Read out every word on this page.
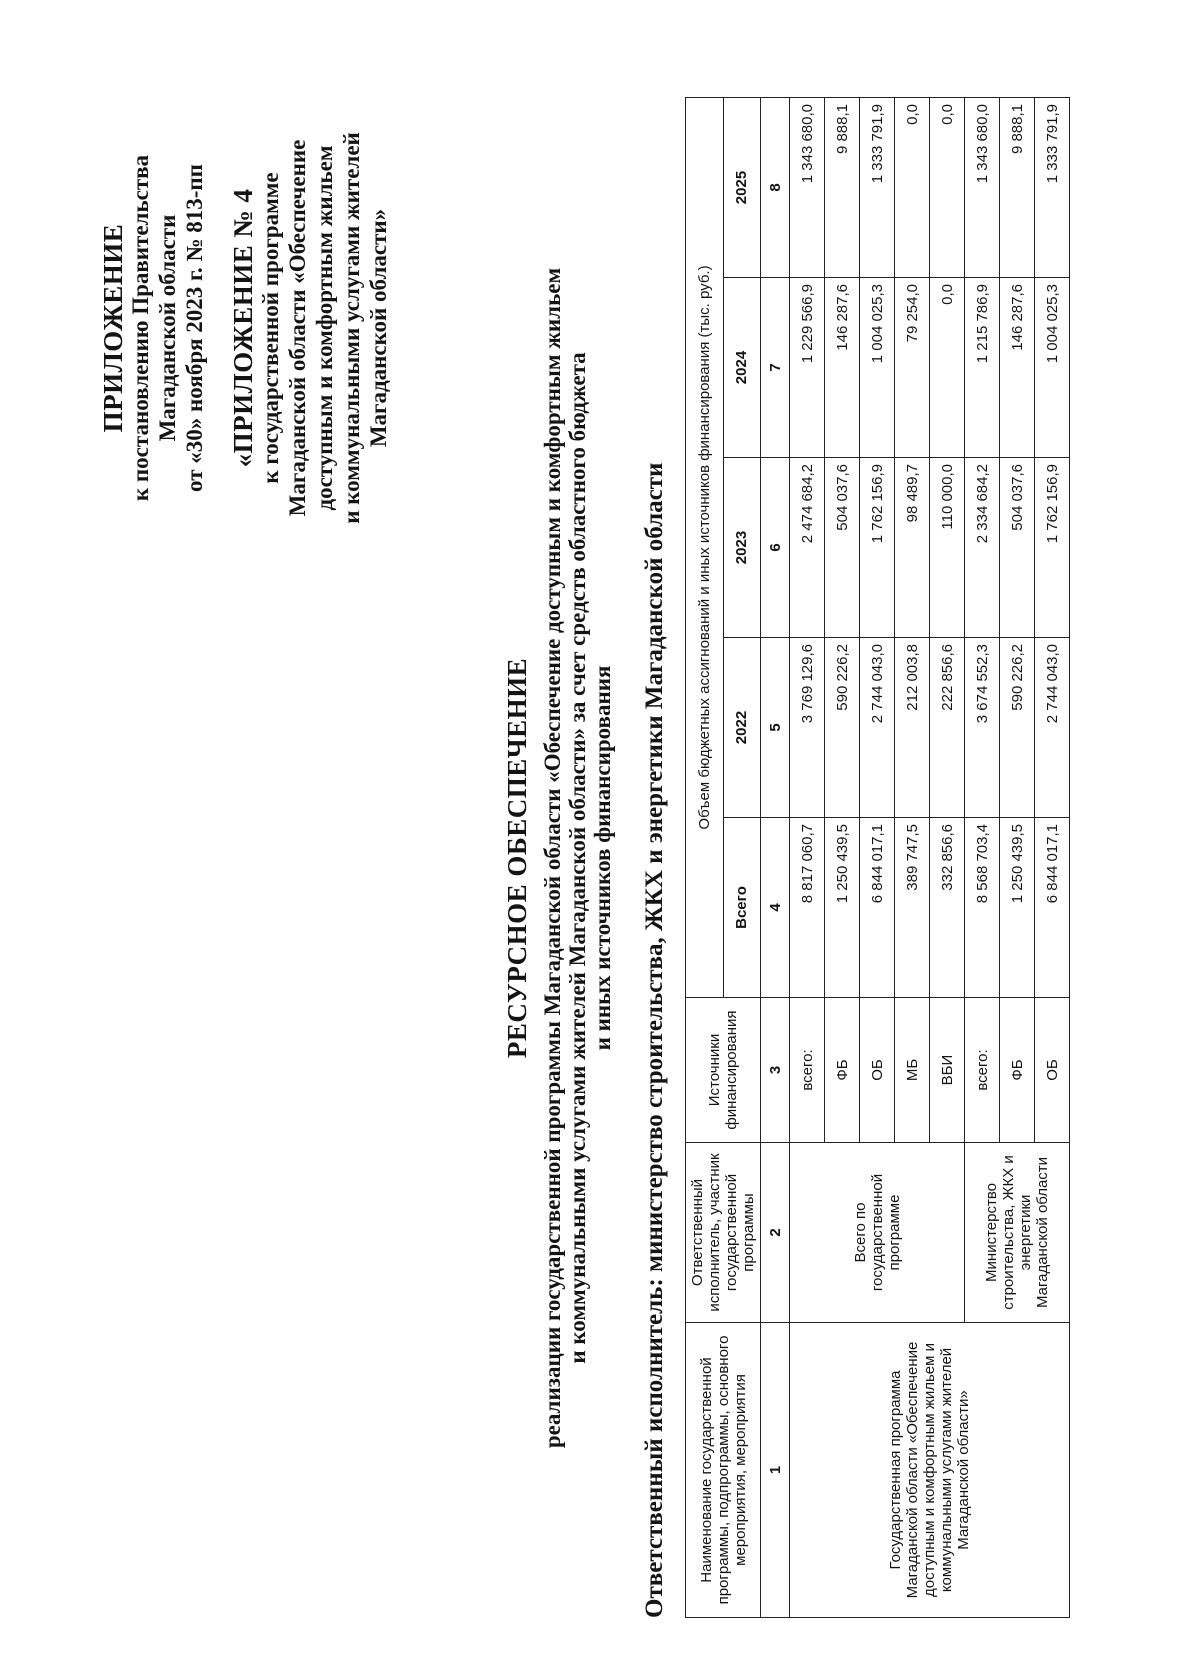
ПРИЛОЖЕНИЕ к постановлению Правительства Магаданской области от «30» ноября 2023 г. № 813-пп «ПРИЛОЖЕНИЕ № 4 к государственной программе Магаданской области «Обеспечение доступным и комфортным жильем и коммунальными услугами жителей Магаданской области»
РЕСУРСНОЕ ОБЕСПЕЧЕНИЕ реализации государственной программы Магаданской области «Обеспечение доступным и комфортным жильем и коммунальными услугами жителей Магаданской области» за счет средств областного бюджета и иных источников финансирования Ответственный исполнитель: министерство строительства, ЖКХ и энергетики Магаданской области Наименование государственной программы, подпрограммы, основного мероприятия, мероприятия	Ответственный исполнитель, участник государственной программы	Источники финансирования	Объем бюджетных ассигнований и иных источников финансирования (тыс. руб.)				
			Всего	2022	2023	2024	2025
1	2	3	4	5	6	7	8
Государственная программа Магаданской области «Обеспечение доступным и комфортным жильем и коммунальными услугами жителей Магаданской области»	Всего по государственной программе	всего:	8 817 060,7	3 769 129,6	2 474 684,2	1 229 566,9	1 343 680,0
		ФБ	1 250 439,5	590 226,2	504 037,6	146 287,6	9 888,1
		ОБ	6 844 017,1	2 744 043,0	1 762 156,9	1 004 025,3	1 333 791,9
		МБ	389 747,5	212 003,8	98 489,7	79 254,0	0,0
		ВБИ	332 856,6	222 856,6	110 000,0	0,0	0,0
	Министерство строительства, ЖКХ и энергетики Магаданской области	всего:	8 568 703,4	3 674 552,3	2 334 684,2	1 215 786,9	1 343 680,0
		ФБ	1 250 439,5	590 226,2	504 037,6	146 287,6	9 888,1
		ОБ	6 844 017,1	2 744 043,0	1 762 156,9	1 004 025,3	1 333 791,9
